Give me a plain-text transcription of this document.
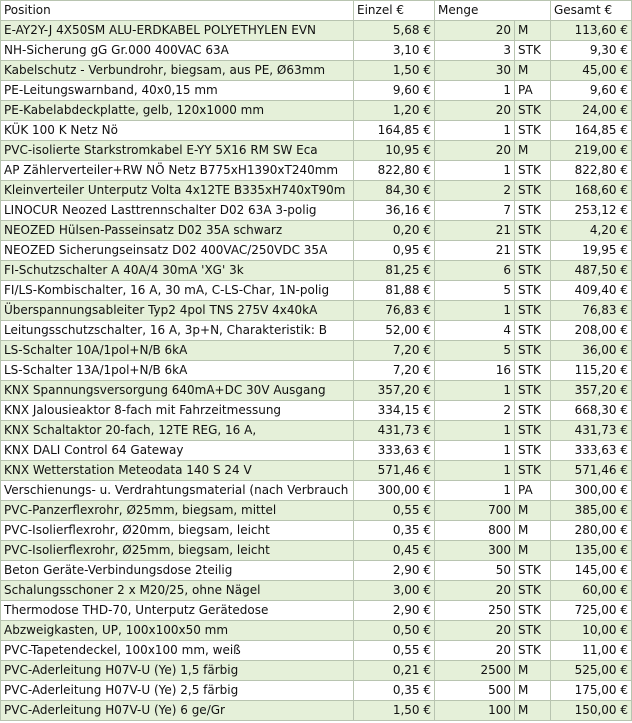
Position	Einzel €	Menge		Gesamt €
E-AY2Y-J 4X50SM ALU-ERDKABEL POLYETHYLEN EVN	5,68 €	20	M	113,60 €
NH-Sicherung gG Gr.000 400VAC 63A	3,10 €	3	STK	9,30 €
Kabelschutz - Verbundrohr, biegsam, aus PE, Ø63mm	1,50 €	30	M	45,00 €
PE-Leitungswarnband, 40x0,15 mm	9,60 €	1	PA	9,60 €
PE-Kabelabdeckplatte, gelb, 120x1000 mm	1,20 €	20	STK	24,00 €
KÜK 100 K Netz Nö	164,85 €	1	STK	164,85 €
PVC-isolierte Starkstromkabel E-YY 5X16 RM SW Eca	10,95 €	20	M	219,00 €
AP Zählerverteiler+RW NÖ Netz B775xH1390xT240mm	822,80 €	1	STK	822,80 €
Kleinverteiler Unterputz Volta 4x12TE B335xH740xT90m	84,30 €	2	STK	168,60 €
LINOCUR Neozed Lasttrennschalter D02 63A 3-polig	36,16 €	7	STK	253,12 €
NEOZED Hülsen-Passeinsatz D02 35A schwarz	0,20 €	21	STK	4,20 €
NEOZED Sicherungseinsatz D02 400VAC/250VDC 35A	0,95 €	21	STK	19,95 €
FI-Schutzschalter A 40A/4 30mA 'XG' 3k	81,25 €	6	STK	487,50 €
FI/LS-Kombischalter, 16 A, 30 mA, C-LS-Char, 1N-polig	81,88 €	5	STK	409,40 €
Überspannungsableiter Typ2 4pol TNS 275V 4x40kA	76,83 €	1	STK	76,83 €
Leitungsschutzschalter, 16 A, 3p+N, Charakteristik: B	52,00 €	4	STK	208,00 €
LS-Schalter 10A/1pol+N/B 6kA	7,20 €	5	STK	36,00 €
LS-Schalter 13A/1pol+N/B 6kA	7,20 €	16	STK	115,20 €
KNX Spannungsversorgung 640mA+DC 30V Ausgang	357,20 €	1	STK	357,20 €
KNX Jalousieaktor 8-fach mit Fahrzeitmessung	334,15 €	2	STK	668,30 €
KNX Schaltaktor 20-fach, 12TE REG, 16 A,	431,73 €	1	STK	431,73 €
KNX DALI Control 64 Gateway	333,63 €	1	STK	333,63 €
KNX Wetterstation Meteodata 140 S 24 V	571,46 €	1	STK	571,46 €
Verschienungs- u. Verdrahtungsmaterial (nach Verbrauch	300,00 €	1	PA	300,00 €
PVC-Panzerflexrohr, Ø25mm, biegsam, mittel	0,55 €	700	M	385,00 €
PVC-Isolierflexrohr, Ø20mm, biegsam, leicht	0,35 €	800	M	280,00 €
PVC-Isolierflexrohr, Ø25mm, biegsam, leicht	0,45 €	300	M	135,00 €
Beton Geräte-Verbindungsdose 2teilig	2,90 €	50	STK	145,00 €
Schalungsschoner 2 x M20/25, ohne Nägel	3,00 €	20	STK	60,00 €
Thermodose THD-70, Unterputz Gerätedose	2,90 €	250	STK	725,00 €
Abzweigkasten, UP, 100x100x50 mm	0,50 €	20	STK	10,00 €
PVC-Tapetendeckel, 100x100 mm, weiß	0,55 €	20	STK	11,00 €
PVC-Aderleitung H07V-U (Ye) 1,5 färbig	0,21 €	2500	M	525,00 €
PVC-Aderleitung H07V-U (Ye) 2,5 färbig	0,35 €	500	M	175,00 €
PVC-Aderleitung H07V-U (Ye) 6 ge/Gr	1,50 €	100	M	150,00 €
